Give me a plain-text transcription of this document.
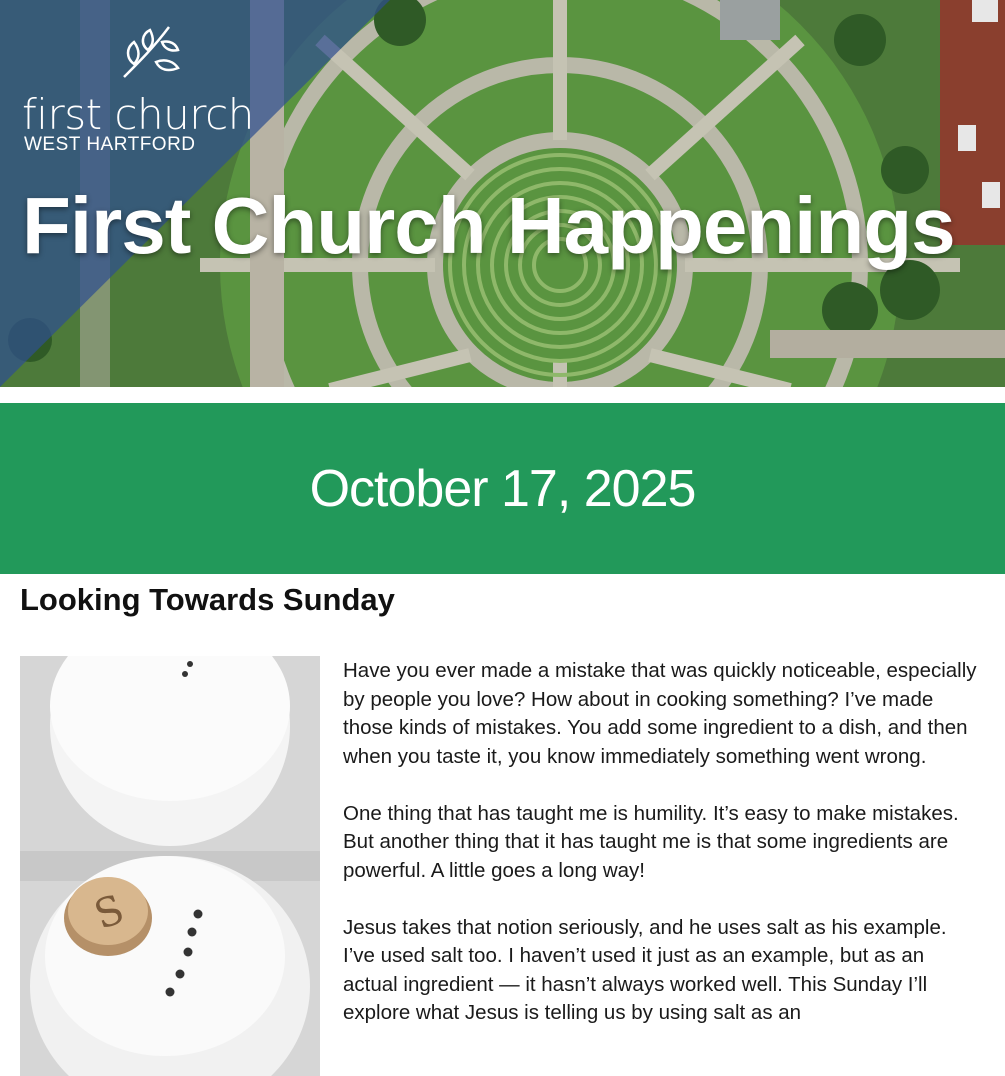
first church
WEST HARTFORD
First Church Happenings
October 17, 2025
Looking Towards Sunday
S

Have you ever made a mistake that was quickly noticeable, especially by people you love? How about in cooking something? I’ve made those kinds of mistakes. You add some ingredient to a dish, and then when you taste it, you know immediately something went wrong.

One thing that has taught me is humility. It’s easy to make mistakes. But another thing that it has taught me is that some ingredients are powerful. A little goes a long way!

Jesus takes that notion seriously, and he uses salt as his example. I’ve used salt too. I haven’t used it just as an example, but as an actual ingredient — it hasn’t always worked well. This Sunday I’ll explore what Jesus is telling us by using salt as an
